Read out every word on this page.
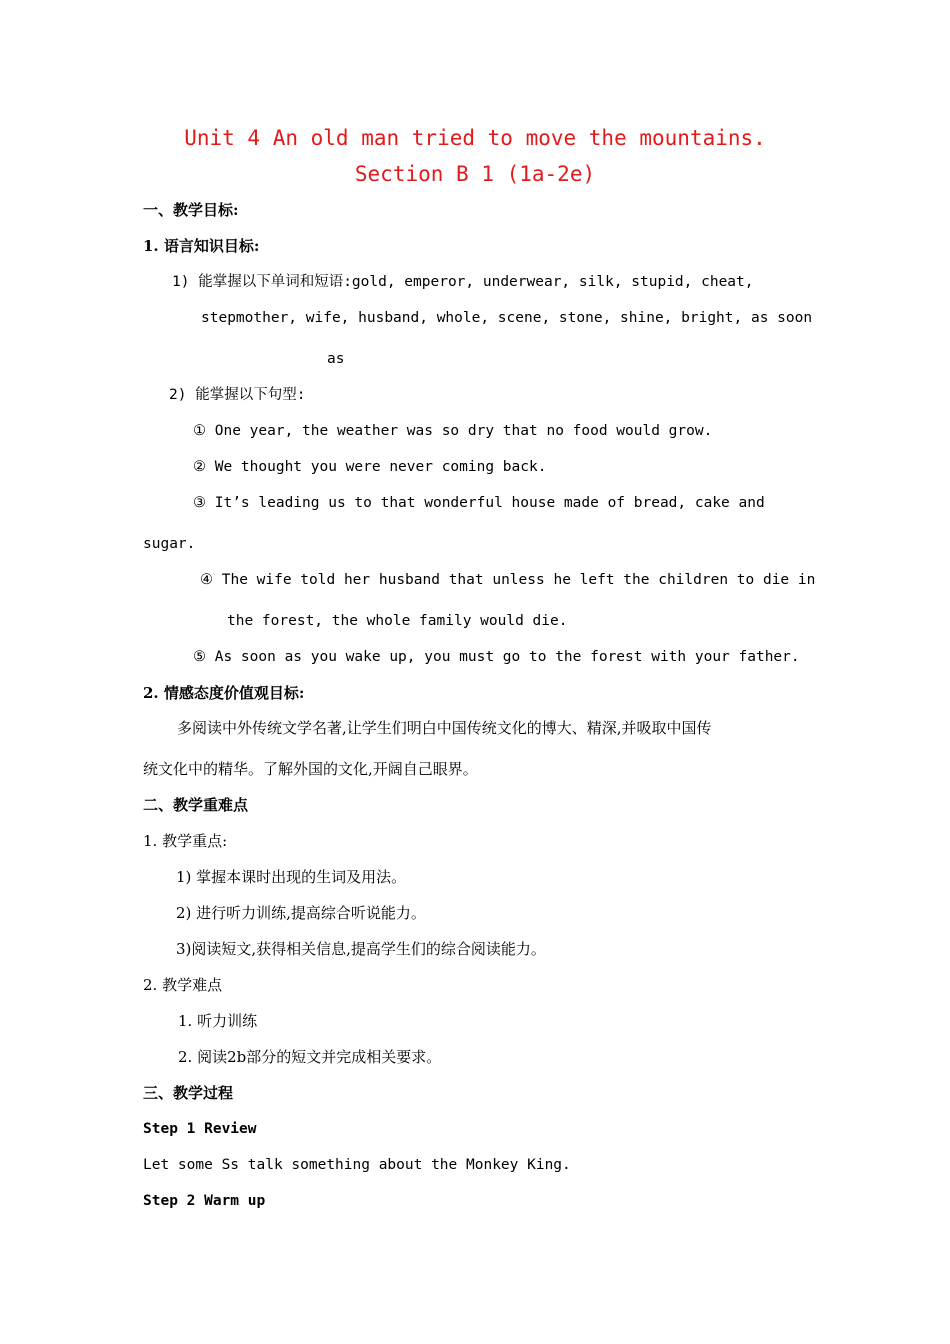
Unit 4 An old man tried to move the mountains.
Section B 1 (1a-2e)
一、教学目标:
1. 语言知识目标:
1) 能掌握以下单词和短语:gold, emperor, underwear, silk, stupid, cheat,
stepmother, wife, husband, whole, scene, stone, shine, bright, as soon
as
2) 能掌握以下句型:
① One year, the weather was so dry that no food would grow.
② We thought you were never coming back.
③ It’s leading us to that wonderful house made of bread, cake and
sugar.
④ The wife told her husband that unless he left the children to die in
the forest, the whole family would die.
⑤ As soon as you wake up, you must go to the forest with your father.
2. 情感态度价值观目标:
多阅读中外传统文学名著,让学生们明白中国传统文化的博大、精深,并吸取中国传
统文化中的精华。了解外国的文化,开阔自己眼界。
二、教学重难点
1. 教学重点:
1) 掌握本课时出现的生词及用法。
2) 进行听力训练,提高综合听说能力。
3)阅读短文,获得相关信息,提高学生们的综合阅读能力。
2. 教学难点
1. 听力训练
2. 阅读2b部分的短文并完成相关要求。
三、教学过程
Step 1 Review
Let some Ss talk something about the Monkey King.
Step 2 Warm up
